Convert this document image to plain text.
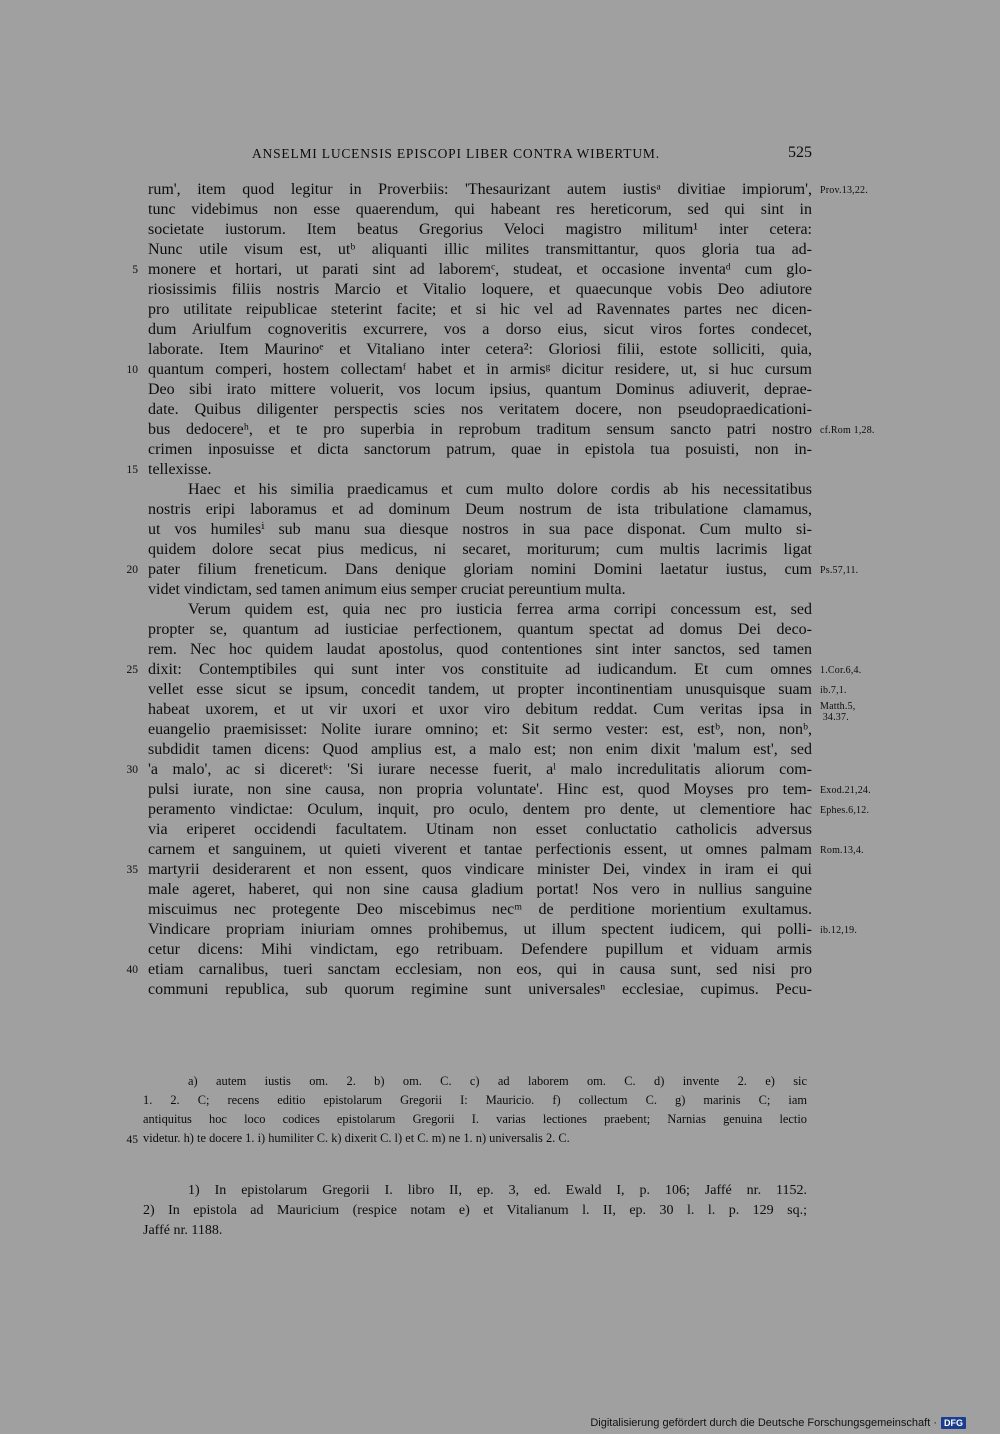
ANSELMI LUCENSIS EPISCOPI LIBER CONTRA WIBERTUM.	525
rum', item quod legitur in Proverbiis: 'Thesaurizant autem iustisᵃ divitiae impiorum',
tunc videbimus non esse quaerendum, qui habeant res hereticorum, sed qui sint in
societate iustorum. Item beatus Gregorius Veloci magistro militum¹ inter cetera:
Nunc utile visum est, utᵇ aliquanti illic milites transmittantur, quos gloria tua ad-
monere et hortari, ut parati sint ad laboremᶜ, studeat, et occasione inventaᵈ cum glo-
riosissimis filiis nostris Marcio et Vitalio loquere, et quaecunque vobis Deo adiutore
pro utilitate reipublicae steterint facite; et si hic vel ad Ravennates partes nec dicen-
dum Ariulfum cognoveritis excurrere, vos a dorso eius, sicut viros fortes condecet,
laborate. Item Maurinoᵉ et Vitaliano inter cetera²: Gloriosi filii, estote solliciti, quia,
quantum comperi, hostem collectamᶠ habet et in armisᵍ dicitur residere, ut, si huc cursum
Deo sibi irato mittere voluerit, vos locum ipsius, quantum Dominus adiuverit, deprae-
date. Quibus diligenter perspectis scies nos veritatem docere, non pseudopraedicationi-
bus dedocereʰ, et te pro superbia in reprobum traditum sensum sancto patri nostro
crimen inposuisse et dicta sanctorum patrum, quae in epistola tua posuisti, non in-
tellexisse.
Haec et his similia praedicamus et cum multo dolore cordis ab his necessitatibus
nostris eripi laboramus et ad dominum Deum nostrum de ista tribulatione clamamus,
ut vos humilesⁱ sub manu sua diesque nostros in sua pace disponat. Cum multo si-
quidem dolore secat pius medicus, ni secaret, moriturum; cum multis lacrimis ligat
pater filium freneticum. Dans denique gloriam nomini Domini laetatur iustus, cum
videt vindictam, sed tamen animum eius semper cruciat pereuntium multa.
Verum quidem est, quia nec pro iusticia ferrea arma corripi concessum est, sed
propter se, quantum ad iusticiae perfectionem, quantum spectat ad domus Dei deco-
rem. Nec hoc quidem laudat apostolus, quod contentiones sint inter sanctos, sed tamen
dixit: Contemptibiles qui sunt inter vos constituite ad iudicandum. Et cum omnes
vellet esse sicut se ipsum, concedit tandem, ut propter incontinentiam unusquisque suam
habeat uxorem, et ut vir uxori et uxor viro debitum reddat. Cum veritas ipsa in
euangelio praemisisset: Nolite iurare omnino; et: Sit sermo vester: est, estᵇ, non, nonᵇ,
subdidit tamen dicens: Quod amplius est, a malo est; non enim dixit 'malum est', sed
'a malo', ac si diceretᵏ: 'Si iurare necesse fuerit, aˡ malo incredulitatis aliorum com-
pulsi iurate, non sine causa, non propria voluntate'. Hinc est, quod Moyses pro tem-
peramento vindictae: Oculum, inquit, pro oculo, dentem pro dente, ut clementiore hac
via eriperet occidendi facultatem. Utinam non esset conluctatio catholicis adversus
carnem et sanguinem, ut quieti viverent et tantae perfectionis essent, ut omnes palmam
martyrii desiderarent et non essent, quos vindicare minister Dei, vindex in iram ei qui
male ageret, haberet, qui non sine causa gladium portat! Nos vero in nullius sanguine
miscuimus nec protegente Deo miscebimus necᵐ de perditione morientium exultamus.
Vindicare propriam iniuriam omnes prohibemus, ut illum spectent iudicem, qui polli-
cetur dicens: Mihi vindictam, ego retribuam. Defendere pupillum et viduam armis
etiam carnalibus, tueri sanctam ecclesiam, non eos, qui in causa sunt, sed nisi pro
communi republica, sub quorum regimine sunt universalesⁿ ecclesiae, cupimus. Pecu-
5
10
15
20
25
30
35
40
45
Prov.13,22.
cf.Rom 1,28.
Ps.57,11.
1.Cor.6,4.
ib.7,1.
Matth.5,
34.37.
Exod.21,24.
Ephes.6,12.
Rom.13,4.
ib.12,19.
a) autem iustis om. 2. b) om. C. c) ad laborem om. C. d) invente 2. e) sic
1. 2. C; recens editio epistolarum Gregorii I: Mauricio. f) collectum C. g) marinis C; iam
antiquitus hoc loco codices epistolarum Gregorii I. varias lectiones praebent; Narnias genuina lectio
videtur. h) te docere 1. i) humiliter C. k) dixerit C. l) et C. m) ne 1. n) universalis 2. C.
1) In epistolarum Gregorii I. libro II, ep. 3, ed. Ewald I, p. 106; Jaffé nr. 1152.
2) In epistola ad Mauricium (respice notam e) et Vitalianum l. II, ep. 30 l. l. p. 129 sq.;
Jaffé nr. 1188.
Digitalisierung gefördert durch die Deutsche Forschungsgemeinschaft · DFG
